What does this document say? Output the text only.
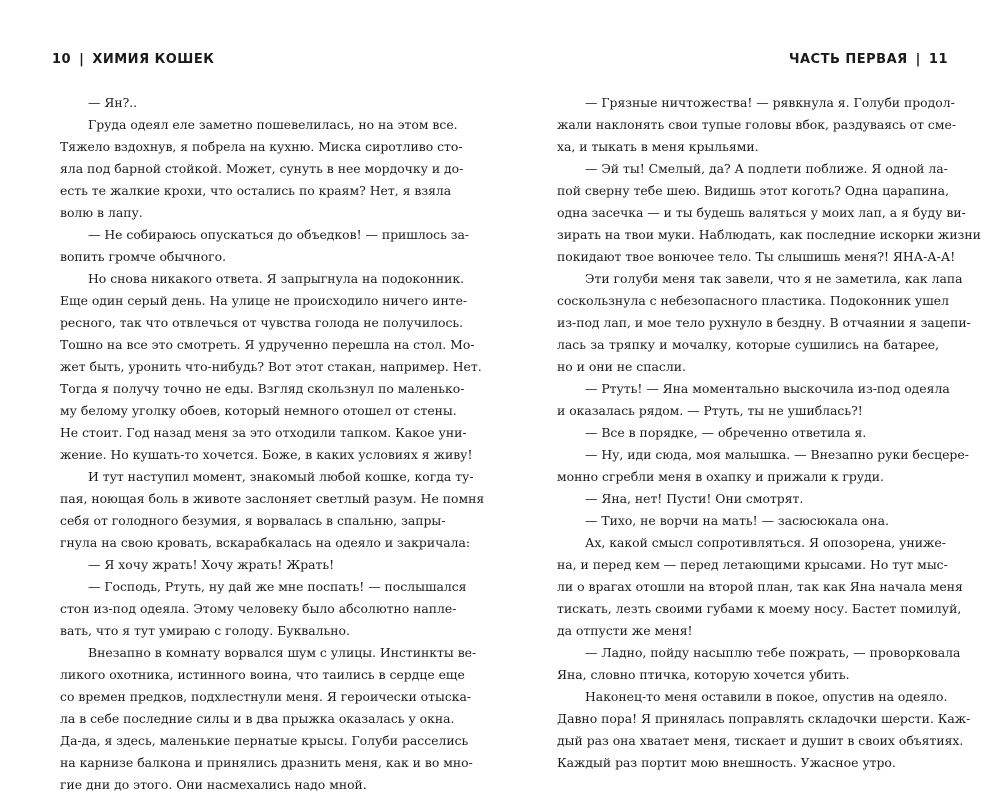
10 | ХИМИЯ КОШЕК
— Ян?..
Груда одеял еле заметно пошевелилась, но на этом все.
Тяжело вздохнув, я побрела на кухню. Миска сиротливо сто-
яла под барной стойкой. Может, сунуть в нее мордочку и до-
есть те жалкие крохи, что остались по краям? Нет, я взяла
волю в лапу.
— Не собираюсь опускаться до объедков! — пришлось за-
вопить громче обычного.
Но снова никакого ответа. Я запрыгнула на подоконник.
Еще один серый день. На улице не происходило ничего инте-
ресного, так что отвлечься от чувства голода не получилось.
Тошно на все это смотреть. Я удрученно перешла на стол. Мо-
жет быть, уронить что-нибудь? Вот этот стакан, например. Нет.
Тогда я получу точно не еды. Взгляд скользнул по маленько-
му белому уголку обоев, который немного отошел от стены.
Не стоит. Год назад меня за это отходили тапком. Какое уни-
жение. Но кушать-то хочется. Боже, в каких условиях я живу!
И тут наступил момент, знакомый любой кошке, когда ту-
пая, ноющая боль в животе заслоняет светлый разум. Не помня
себя от голодного безумия, я ворвалась в спальню, запры-
гнула на свою кровать, вскарабкалась на одеяло и закричала:
— Я хочу жрать! Хочу жрать! Жрать!
— Господь, Ртуть, ну дай же мне поспать! — послышался
стон из-под одеяла. Этому человеку было абсолютно напле-
вать, что я тут умираю с голоду. Буквально.
Внезапно в комнату ворвался шум с улицы. Инстинкты ве-
ликого охотника, истинного воина, что таились в сердце еще
со времен предков, подхлестнули меня. Я героически отыска-
ла в себе последние силы и в два прыжка оказалась у окна.
Да-да, я здесь, маленькие пернатые крысы. Голуби расселись
на карнизе балкона и принялись дразнить меня, как и во мно-
гие дни до этого. Они насмехались надо мной.
ЧАСТЬ ПЕРВАЯ | 11
— Грязные ничтожества! — рявкнула я. Голуби продол-
жали наклонять свои тупые головы вбок, раздуваясь от сме-
ха, и тыкать в меня крыльями.
— Эй ты! Смелый, да? А подлети поближе. Я одной ла-
пой сверну тебе шею. Видишь этот коготь? Одна царапина,
одна засечка — и ты будешь валяться у моих лап, а я буду ви-
зирать на твои муки. Наблюдать, как последние искорки жизни
покидают твое вонючее тело. Ты слышишь меня?! ЯНА-А-А!
Эти голуби меня так завели, что я не заметила, как лапа
соскользнула с небезопасного пластика. Подоконник ушел
из-под лап, и мое тело рухнуло в бездну. В отчаянии я зацепи-
лась за тряпку и мочалку, которые сушились на батарее,
но и они не спасли.
— Ртуть! — Яна моментально выскочила из-под одеяла
и оказалась рядом. — Ртуть, ты не ушиблась?!
— Все в порядке, — обреченно ответила я.
— Ну, иди сюда, моя малышка. — Внезапно руки бесцере-
монно сгребли меня в охапку и прижали к груди.
— Яна, нет! Пусти! Они смотрят.
— Тихо, не ворчи на мать! — засюсюкала она.
Ах, какой смысл сопротивляться. Я опозорена, униже-
на, и перед кем — перед летающими крысами. Но тут мыс-
ли о врагах отошли на второй план, так как Яна начала меня
тискать, лезть своими губами к моему носу. Бастет помилуй,
да отпусти же меня!
— Ладно, пойду насыплю тебе пожрать, — проворковала
Яна, словно птичка, которую хочется убить.
Наконец-то меня оставили в покое, опустив на одеяло.
Давно пора! Я принялась поправлять складочки шерсти. Каж-
дый раз она хватает меня, тискает и душит в своих объятиях.
Каждый раз портит мою внешность. Ужасное утро.
